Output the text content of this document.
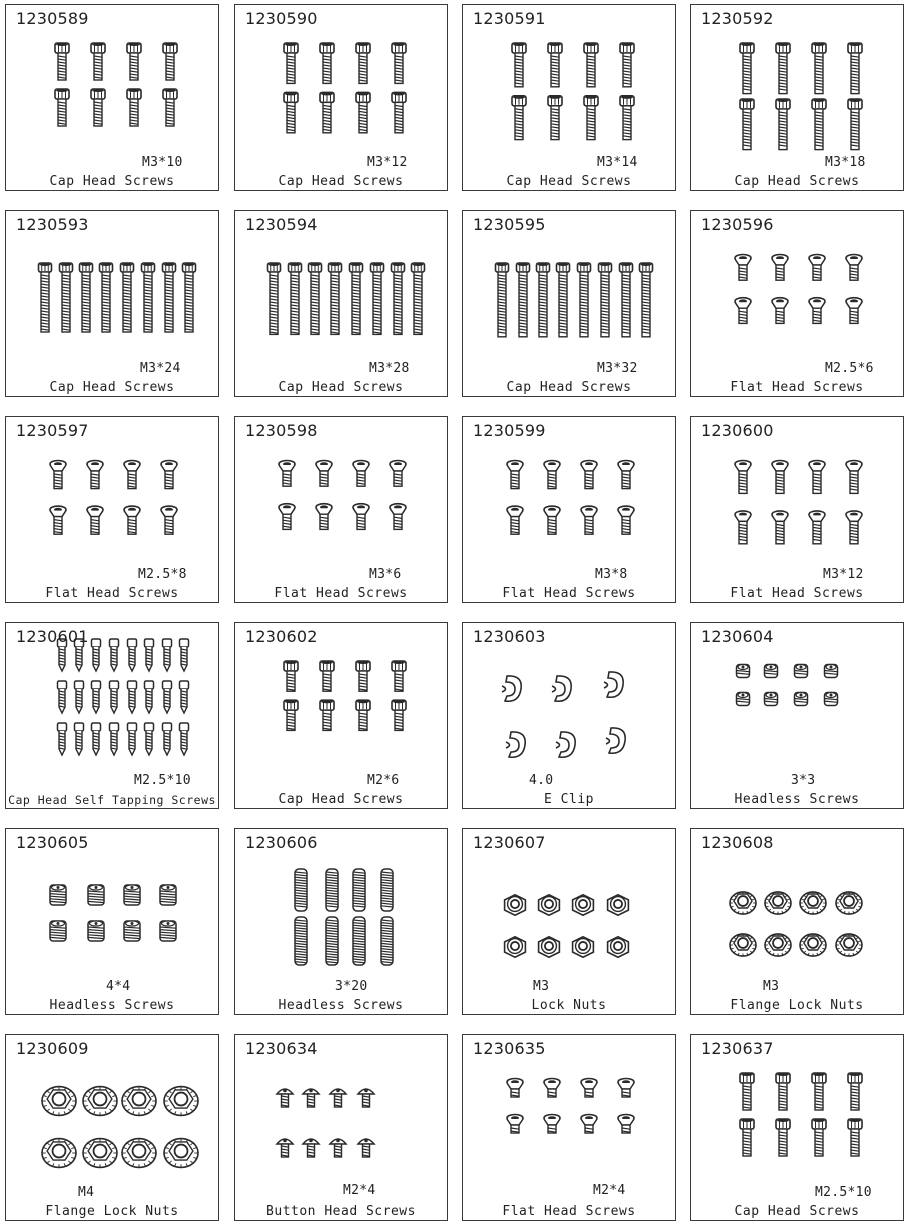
1230589
M3*10
Cap Head Screws
1230590
M3*12
Cap Head Screws
1230591
M3*14
Cap Head Screws
1230592
M3*18
Cap Head Screws
1230593
M3*24
Cap Head Screws
1230594
M3*28
Cap Head Screws
1230595
M3*32
Cap Head Screws
1230596
M2.5*6
Flat Head Screws
1230597
M2.5*8
Flat Head Screws
1230598
M3*6
Flat Head Screws
1230599
M3*8
Flat Head Screws
1230600
M3*12
Flat Head Screws
1230601
M2.5*10
Cap Head Self Tapping Screws
1230602
M2*6
Cap Head Screws
1230603
4.0
E Clip
1230604
3*3
Headless Screws
1230605
4*4
Headless Screws
1230606
3*20
Headless Screws
1230607
M3
Lock Nuts
1230608
M3
Flange Lock Nuts
1230609
M4
Flange Lock Nuts
1230634
M2*4
Button Head Screws
1230635
M2*4
Flat Head Screws
1230637
M2.5*10
Cap Head Screws
